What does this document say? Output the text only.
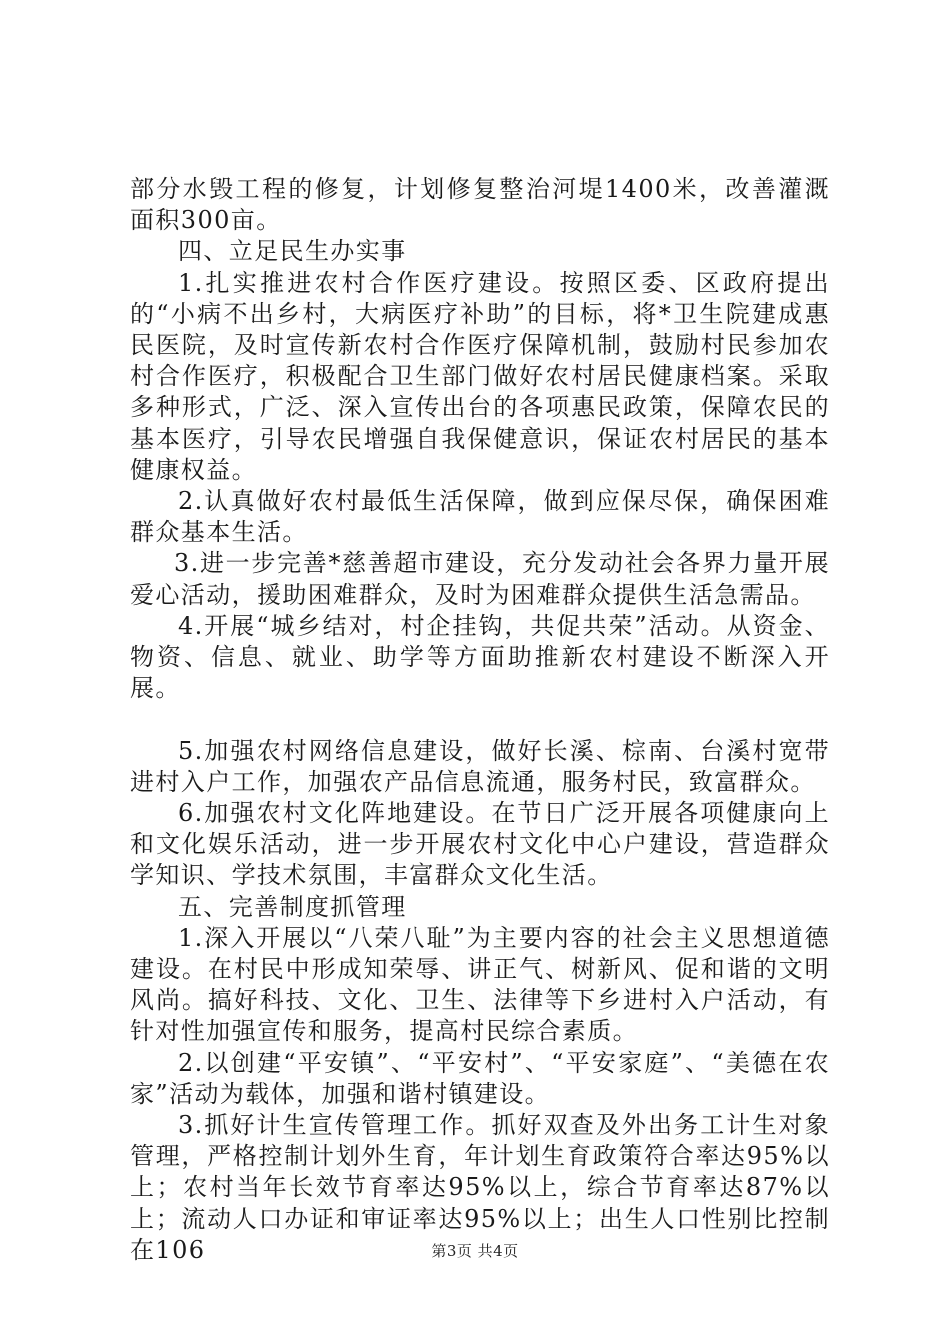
部分水毁工程的修复，计划修复整治河堤1400米，改善灌溉面积300亩。

四、立足民生办实事

1.扎实推进农村合作医疗建设。按照区委、区政府提出的“小病不出乡村，大病医疗补助”的目标，将*卫生院建成惠民医院，及时宣传新农村合作医疗保障机制，鼓励村民参加农村合作医疗，积极配合卫生部门做好农村居民健康档案。采取多种形式，广泛、深入宣传出台的各项惠民政策，保障农民的基本医疗，引导农民增强自我保健意识，保证农村居民的基本健康权益。

2.认真做好农村最低生活保障，做到应保尽保，确保困难群众基本生活。

3.进一步完善*慈善超市建设，充分发动社会各界力量开展爱心活动，援助困难群众，及时为困难群众提供生活急需品。

4.开展“城乡结对，村企挂钩，共促共荣”活动。从资金、物资、信息、就业、助学等方面助推新农村建设不断深入开展。

5.加强农村网络信息建设，做好长溪、棕南、台溪村宽带进村入户工作，加强农产品信息流通，服务村民，致富群众。

6.加强农村文化阵地建设。在节日广泛开展各项健康向上和文化娱乐活动，进一步开展农村文化中心户建设，营造群众学知识、学技术氛围，丰富群众文化生活。

五、完善制度抓管理

1.深入开展以“八荣八耻”为主要内容的社会主义思想道德建设。在村民中形成知荣辱、讲正气、树新风、促和谐的文明风尚。搞好科技、文化、卫生、法律等下乡进村入户活动，有针对性加强宣传和服务，提高村民综合素质。

2.以创建“平安镇”、“平安村”、“平安家庭”、“美德在农家”活动为载体，加强和谐村镇建设。

3.抓好计生宣传管理工作。抓好双查及外出务工计生对象管理，严格控制计划外生育，年计划生育政策符合率达95%以上；农村当年长效节育率达95%以上，综合节育率达87%以上；流动人口办证和审证率达95%以上；出生人口性别比控制在106	第3页 共4页
